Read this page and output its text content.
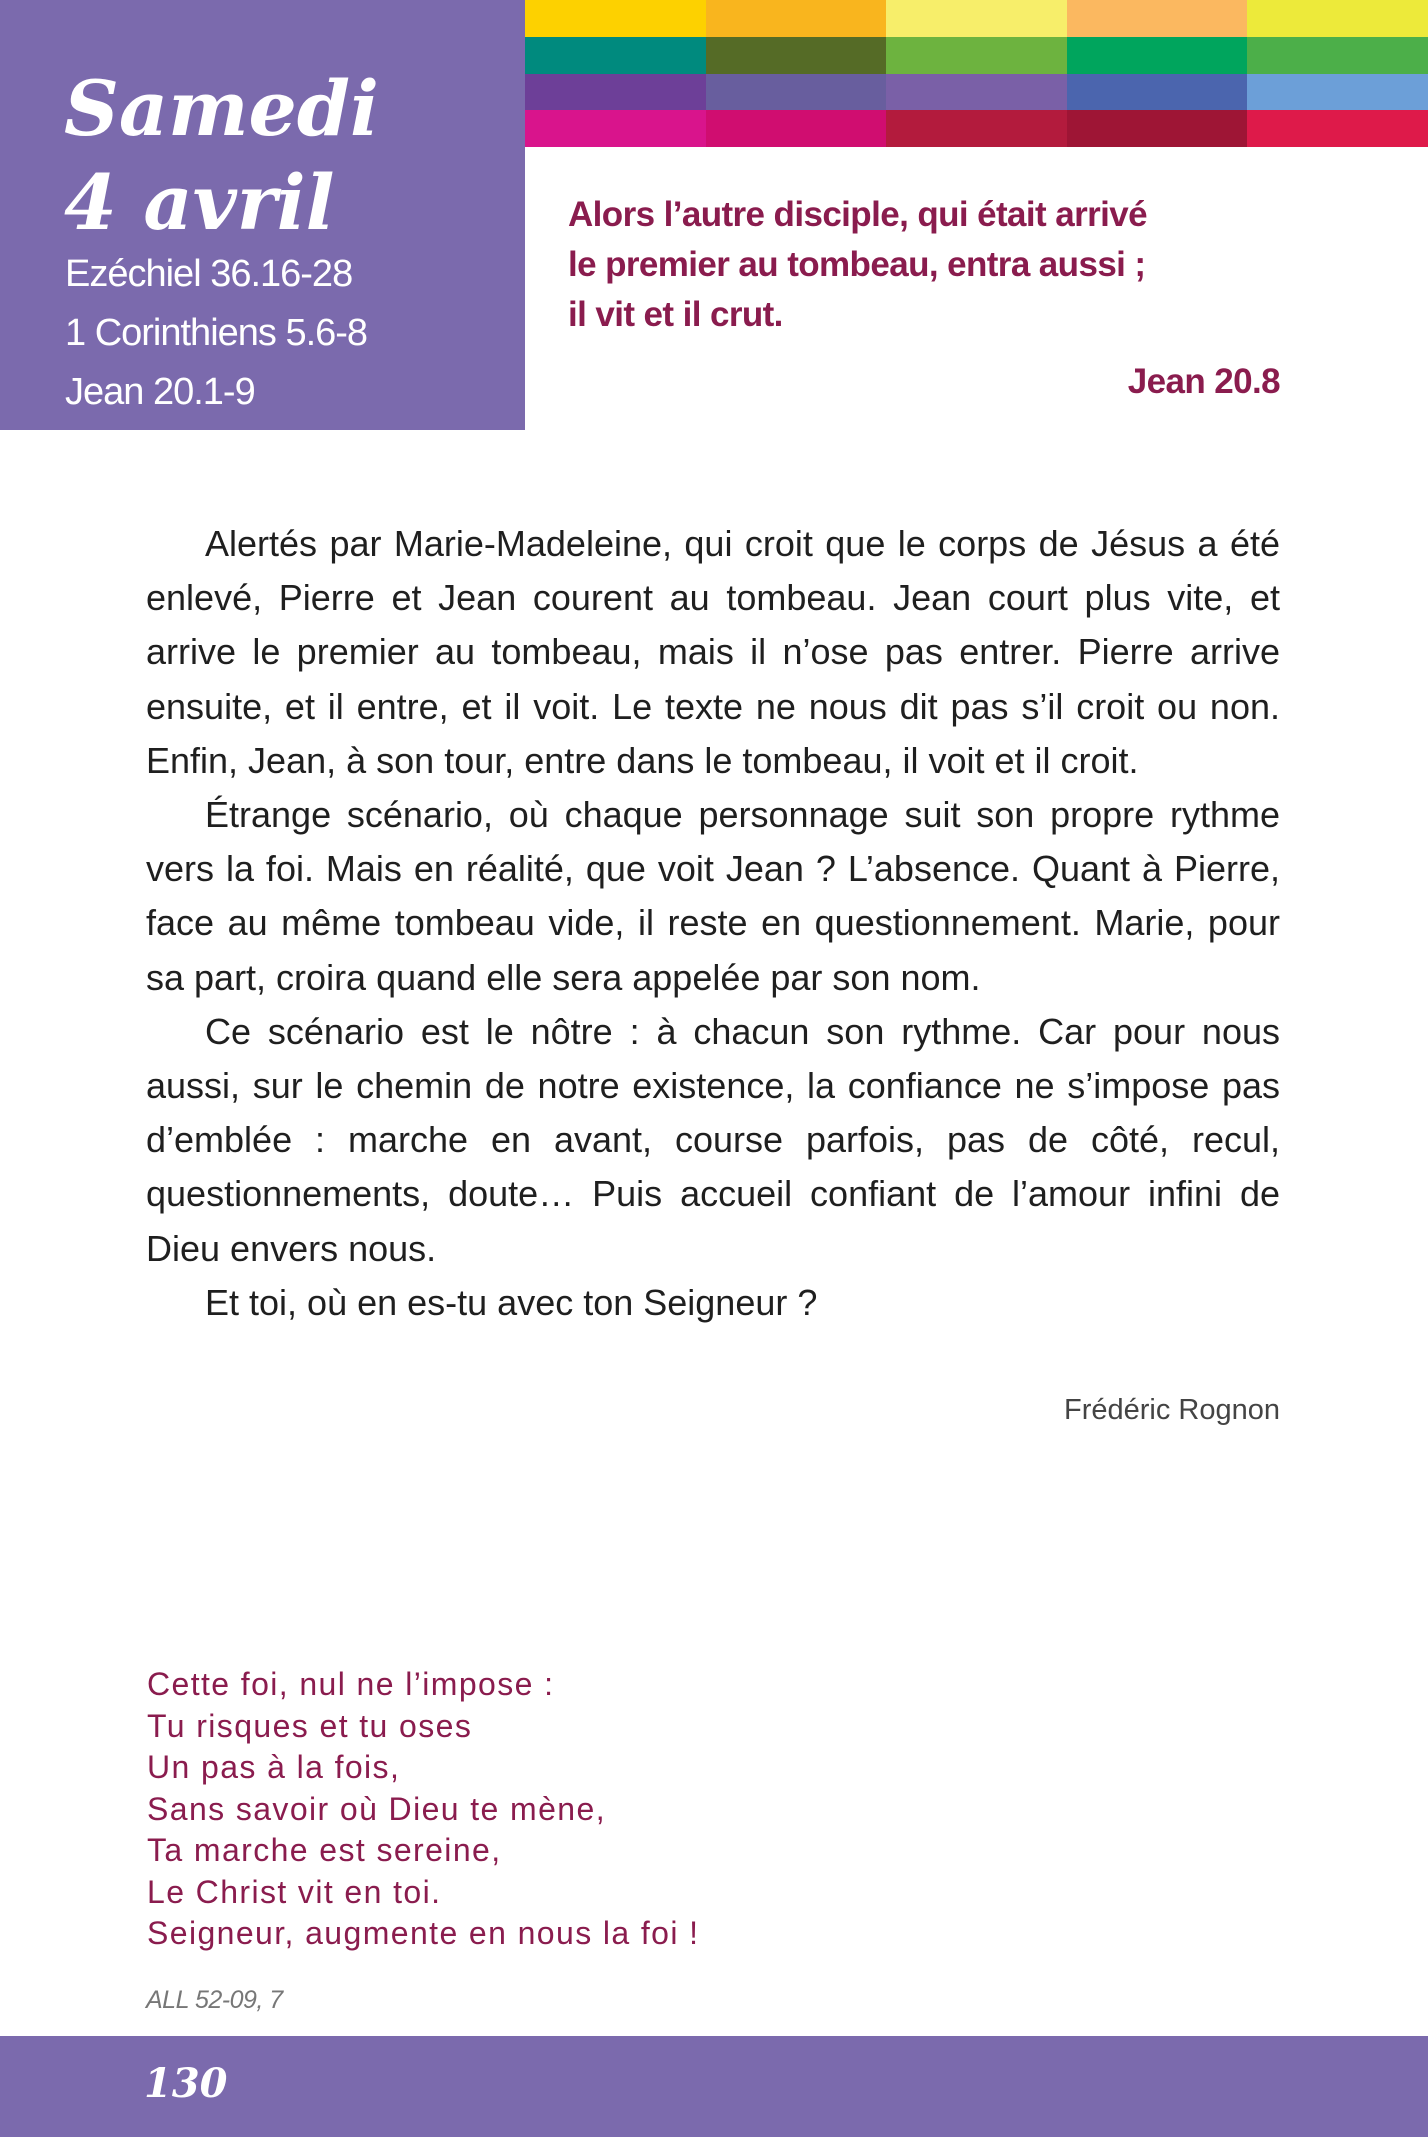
Samedi
4 avril
Ezéchiel 36.16-28
1 Corinthiens 5.6-8
Jean 20.1-9
Alors l’autre disciple, qui était arrivé
le premier au tombeau, entra aussi ;
il vit et il crut.

Jean 20.8

Alertés par Marie-Madeleine, qui croit que le corps de Jésus a été enlevé, Pierre et Jean courent au tombeau. Jean court plus vite, et arrive le premier au tombeau, mais il n’ose pas entrer. Pierre arrive ensuite, et il entre, et il voit. Le texte ne nous dit pas s’il croit ou non. Enfin, Jean, à son tour, entre dans le tombeau, il voit et il croit.

Étrange scénario, où chaque personnage suit son propre rythme vers la foi. Mais en réalité, que voit Jean ? L’absence. Quant à Pierre, face au même tombeau vide, il reste en questionnement. Marie, pour sa part, croira quand elle sera appelée par son nom.

Ce scénario est le nôtre : à chacun son rythme. Car pour nous aussi, sur le chemin de notre existence, la confiance ne s’impose pas d’emblée : marche en avant, course parfois, pas de côté, recul, questionnements, doute… Puis accueil confiant de l’amour infini de Dieu envers nous.

Et toi, où en es-tu avec ton Seigneur ?

Frédéric Rognon

Cette foi, nul ne l’impose :
Tu risques et tu oses
Un pas à la fois,
Sans savoir où Dieu te mène,
Ta marche est sereine,
Le Christ vit en toi.
Seigneur, augmente en nous la foi !

ALL 52-09, 7

130
